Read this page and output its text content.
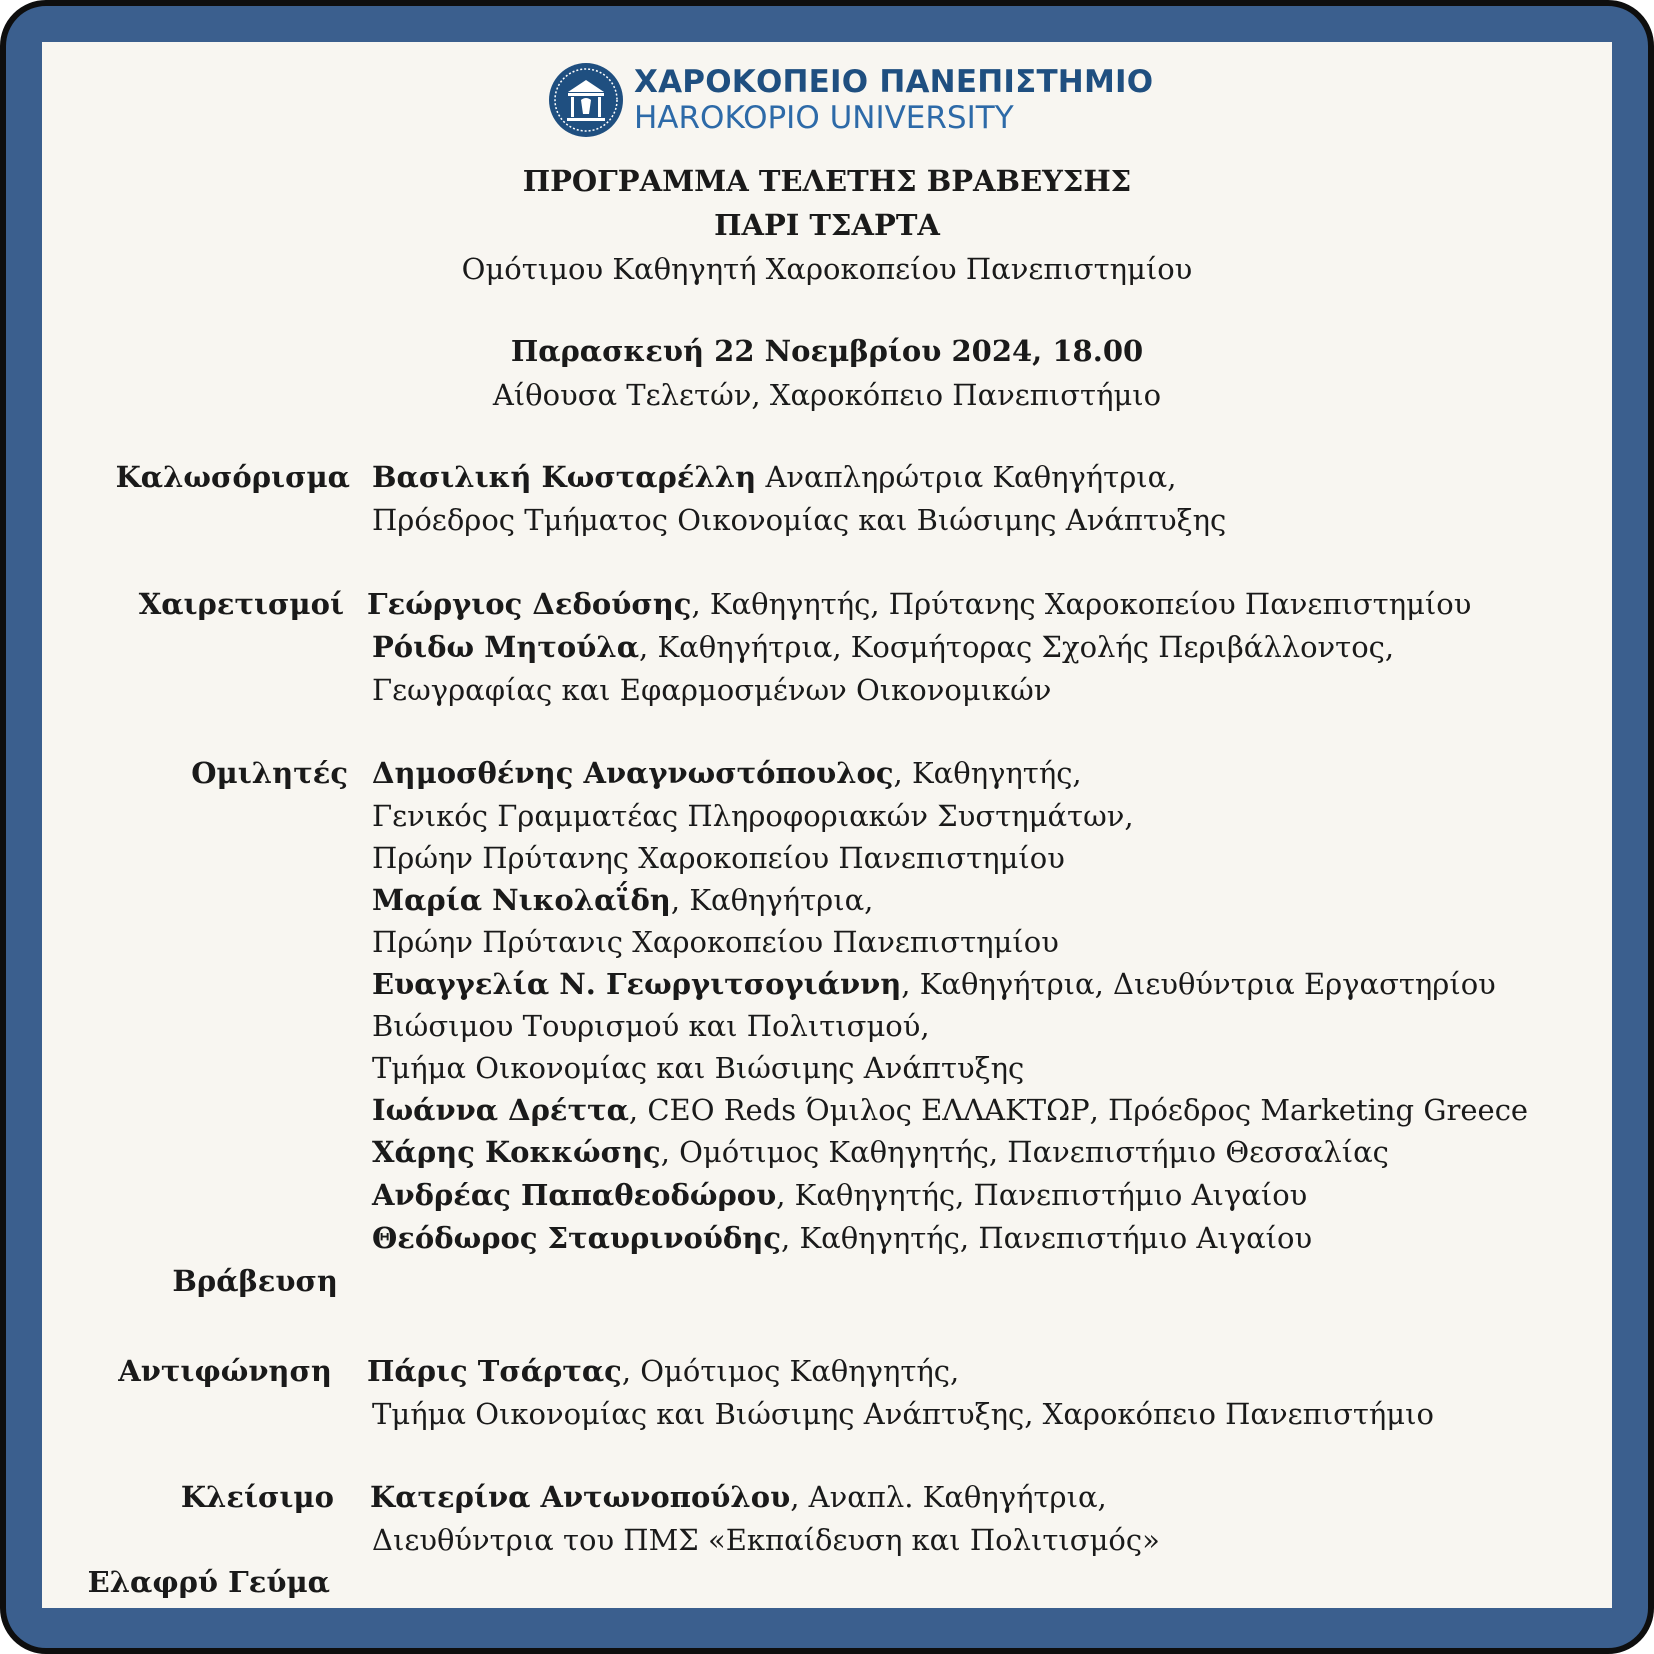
ΧΑΡΟΚΟΠΕΙΟ ΠΑΝΕΠΙΣΤΗΜΙΟ
HAROKOPIO UNIVERSITY
ΠΡΟΓΡΑΜΜΑ ΤΕΛΕΤΗΣ ΒΡΑΒΕΥΣΗΣ
ΠΑΡΙ ΤΣΑΡΤΑ
Ομότιμου Καθηγητή Χαροκοπείου Πανεπιστημίου
Παρασκευή 22 Νοεμβρίου 2024, 18.00
Αίθουσα Τελετών, Χαροκόπειο Πανεπιστήμιο
Καλωσόρισμα Βασιλική Κωσταρέλλη Αναπληρώτρια Καθηγήτρια,
Πρόεδρος Τμήματος Οικονομίας και Βιώσιμης Ανάπτυξης
Χαιρετισμοί Γεώργιος Δεδούσης, Καθηγητής, Πρύτανης Χαροκοπείου Πανεπιστημίου
Ρόιδω Μητούλα, Καθηγήτρια, Κοσμήτορας Σχολής Περιβάλλοντος,
Γεωγραφίας και Εφαρμοσμένων Οικονομικών
Ομιλητές Δημοσθένης Αναγνωστόπουλος, Καθηγητής,
Γενικός Γραμματέας Πληροφοριακών Συστημάτων,
Πρώην Πρύτανης Χαροκοπείου Πανεπιστημίου
Μαρία Νικολαΐδη, Καθηγήτρια,
Πρώην Πρύτανις Χαροκοπείου Πανεπιστημίου
Ευαγγελία Ν. Γεωργιτσογιάννη, Καθηγήτρια, Διευθύντρια Εργαστηρίου
Βιώσιμου Τουρισμού και Πολιτισμού,
Τμήμα Οικονομίας και Βιώσιμης Ανάπτυξης
Ιωάννα Δρέττα, CEO Reds Όμιλος ΕΛΛΑΚΤΩΡ, Πρόεδρος Marketing Greece
Χάρης Κοκκώσης, Ομότιμος Καθηγητής, Πανεπιστήμιο Θεσσαλίας
Ανδρέας Παπαθεοδώρου, Καθηγητής, Πανεπιστήμιο Αιγαίου
Θεόδωρος Σταυρινούδης, Καθηγητής, Πανεπιστήμιο Αιγαίου
Βράβευση
Αντιφώνηση Πάρις Τσάρτας, Ομότιμος Καθηγητής,
Τμήμα Οικονομίας και Βιώσιμης Ανάπτυξης, Χαροκόπειο Πανεπιστήμιο
Κλείσιμο Κατερίνα Αντωνοπούλου, Αναπλ. Καθηγήτρια,
Διευθύντρια του ΠΜΣ «Εκπαίδευση και Πολιτισμός»
Ελαφρύ Γεύμα
